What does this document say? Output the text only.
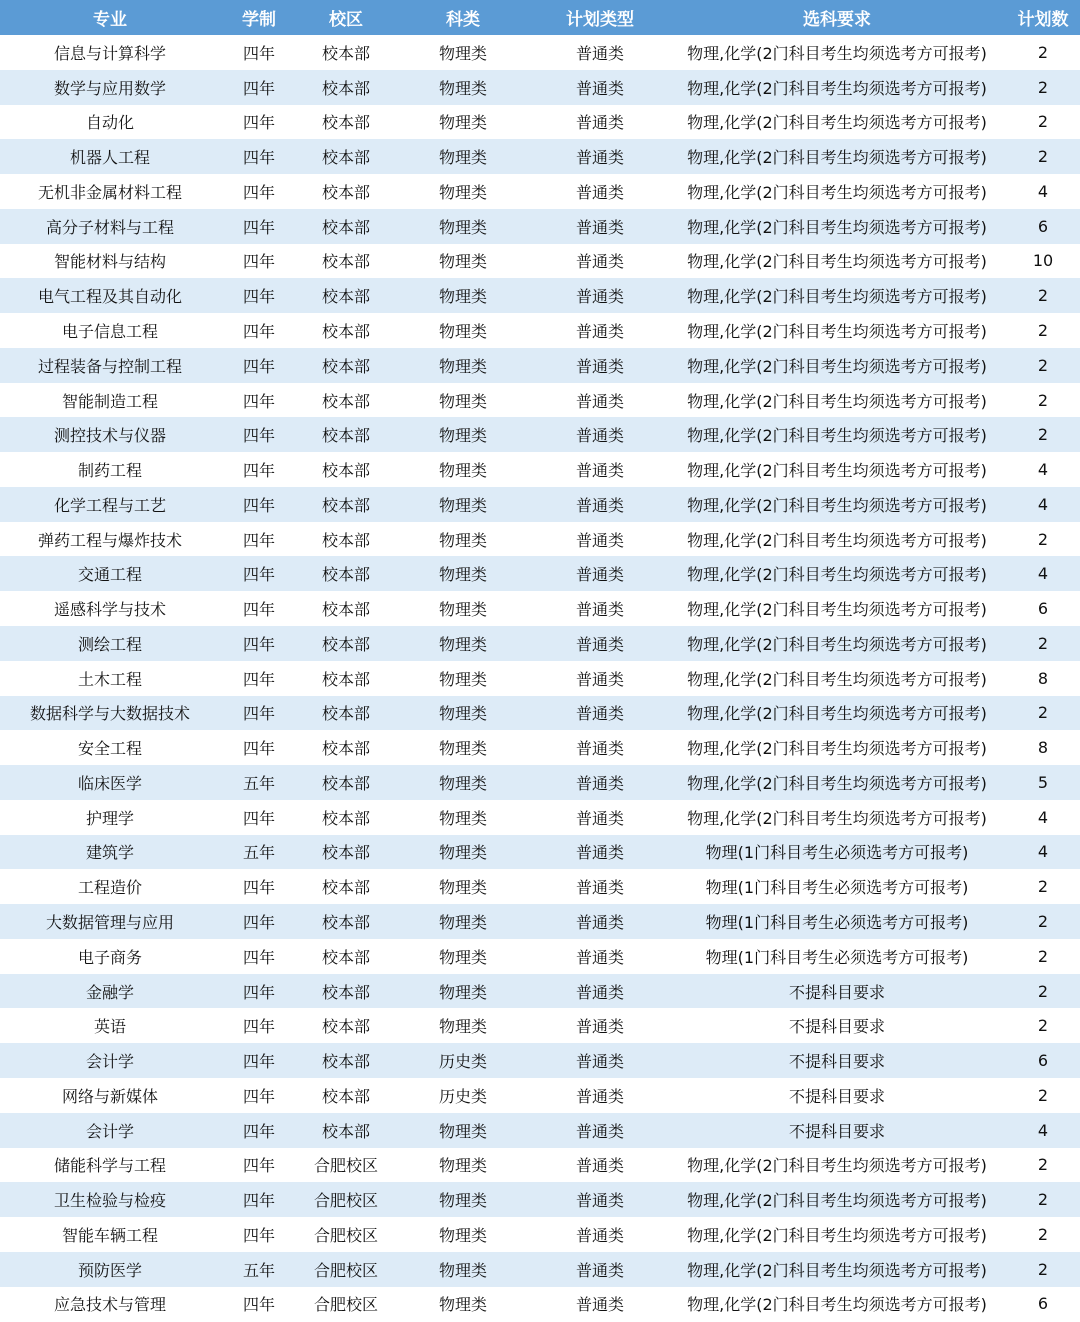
专业	学制	校区	科类	计划类型	选科要求	计划数
信息与计算科学	四年	校本部	物理类	普通类	物理,化学(2门科目考生均须选考方可报考)	2
数学与应用数学	四年	校本部	物理类	普通类	物理,化学(2门科目考生均须选考方可报考)	2
自动化	四年	校本部	物理类	普通类	物理,化学(2门科目考生均须选考方可报考)	2
机器人工程	四年	校本部	物理类	普通类	物理,化学(2门科目考生均须选考方可报考)	2
无机非金属材料工程	四年	校本部	物理类	普通类	物理,化学(2门科目考生均须选考方可报考)	4
高分子材料与工程	四年	校本部	物理类	普通类	物理,化学(2门科目考生均须选考方可报考)	6
智能材料与结构	四年	校本部	物理类	普通类	物理,化学(2门科目考生均须选考方可报考)	10
电气工程及其自动化	四年	校本部	物理类	普通类	物理,化学(2门科目考生均须选考方可报考)	2
电子信息工程	四年	校本部	物理类	普通类	物理,化学(2门科目考生均须选考方可报考)	2
过程装备与控制工程	四年	校本部	物理类	普通类	物理,化学(2门科目考生均须选考方可报考)	2
智能制造工程	四年	校本部	物理类	普通类	物理,化学(2门科目考生均须选考方可报考)	2
测控技术与仪器	四年	校本部	物理类	普通类	物理,化学(2门科目考生均须选考方可报考)	2
制药工程	四年	校本部	物理类	普通类	物理,化学(2门科目考生均须选考方可报考)	4
化学工程与工艺	四年	校本部	物理类	普通类	物理,化学(2门科目考生均须选考方可报考)	4
弹药工程与爆炸技术	四年	校本部	物理类	普通类	物理,化学(2门科目考生均须选考方可报考)	2
交通工程	四年	校本部	物理类	普通类	物理,化学(2门科目考生均须选考方可报考)	4
遥感科学与技术	四年	校本部	物理类	普通类	物理,化学(2门科目考生均须选考方可报考)	6
测绘工程	四年	校本部	物理类	普通类	物理,化学(2门科目考生均须选考方可报考)	2
土木工程	四年	校本部	物理类	普通类	物理,化学(2门科目考生均须选考方可报考)	8
数据科学与大数据技术	四年	校本部	物理类	普通类	物理,化学(2门科目考生均须选考方可报考)	2
安全工程	四年	校本部	物理类	普通类	物理,化学(2门科目考生均须选考方可报考)	8
临床医学	五年	校本部	物理类	普通类	物理,化学(2门科目考生均须选考方可报考)	5
护理学	四年	校本部	物理类	普通类	物理,化学(2门科目考生均须选考方可报考)	4
建筑学	五年	校本部	物理类	普通类	物理(1门科目考生必须选考方可报考)	4
工程造价	四年	校本部	物理类	普通类	物理(1门科目考生必须选考方可报考)	2
大数据管理与应用	四年	校本部	物理类	普通类	物理(1门科目考生必须选考方可报考)	2
电子商务	四年	校本部	物理类	普通类	物理(1门科目考生必须选考方可报考)	2
金融学	四年	校本部	物理类	普通类	不提科目要求	2
英语	四年	校本部	物理类	普通类	不提科目要求	2
会计学	四年	校本部	历史类	普通类	不提科目要求	6
网络与新媒体	四年	校本部	历史类	普通类	不提科目要求	2
会计学	四年	校本部	物理类	普通类	不提科目要求	4
储能科学与工程	四年	合肥校区	物理类	普通类	物理,化学(2门科目考生均须选考方可报考)	2
卫生检验与检疫	四年	合肥校区	物理类	普通类	物理,化学(2门科目考生均须选考方可报考)	2
智能车辆工程	四年	合肥校区	物理类	普通类	物理,化学(2门科目考生均须选考方可报考)	2
预防医学	五年	合肥校区	物理类	普通类	物理,化学(2门科目考生均须选考方可报考)	2
应急技术与管理	四年	合肥校区	物理类	普通类	物理,化学(2门科目考生均须选考方可报考)	6
